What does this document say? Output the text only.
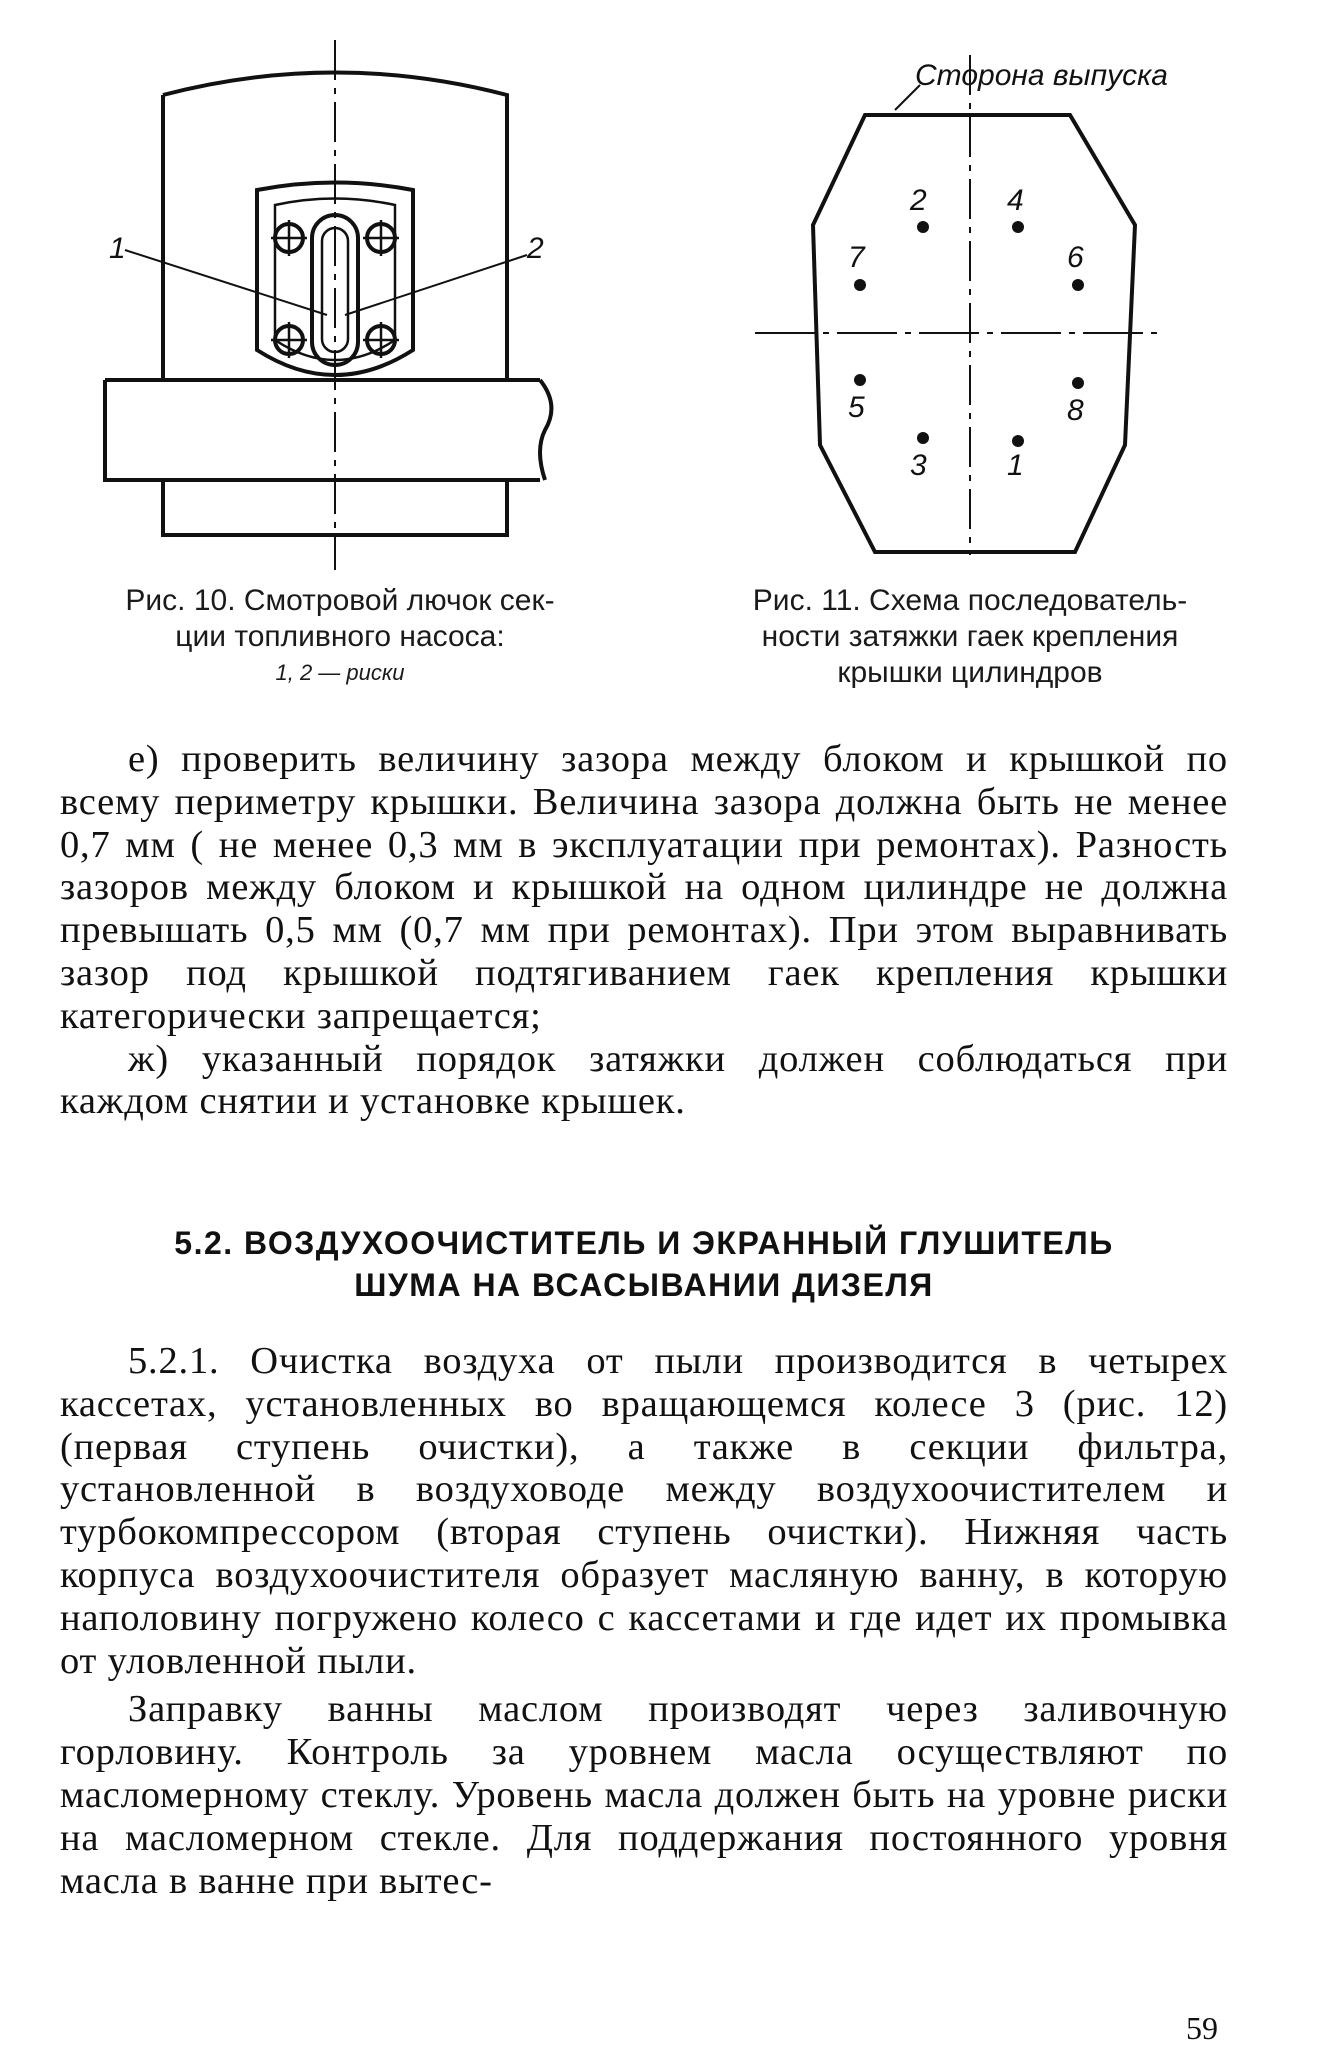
1	2
Рис. 10. Смотровой лючок сек-
ции топливного насоса:
1, 2 — риски
Сторона выпуска
2	4
7	6
5	8
3	1
Рис. 11. Схема последователь-
ности затяжки гаек крепления
крышки цилиндров

е) проверить величину зазора между блоком и крышкой по всему периметру крышки. Величина зазора должна быть не менее 0,7 мм ( не менее 0,3 мм в эксплуатации при ремонтах). Разность зазоров между блоком и крышкой на одном цилиндре не должна превышать 0,5 мм (0,7 мм при ремонтах). При этом выравнивать зазор под крышкой подтягиванием гаек крепления крышки категорически запрещается;

ж) указанный порядок затяжки должен соблюдаться при каждом снятии и установке крышек.

5.2. ВОЗДУХООЧИСТИТЕЛЬ И ЭКРАННЫЙ ГЛУШИТЕЛЬ
ШУМА НА ВСАСЫВАНИИ ДИЗЕЛЯ

5.2.1. Очистка воздуха от пыли производится в четырех кассетах, установленных во вращающемся колесе 3 (рис. 12) (первая ступень очистки), а также в секции фильтра, установленной в воздуховоде между воздухоочистителем и турбокомпрессором (вторая ступень очистки). Нижняя часть корпуса воздухоочистителя образует масляную ванну, в которую наполовину погружено колесо с кассетами и где идет их промывка от уловленной пыли.

Заправку ванны маслом производят через заливочную горловину. Контроль за уровнем масла осуществляют по масломерному стеклу. Уровень масла должен быть на уровне риски на масломерном стекле. Для поддержания постоянного уровня масла в ванне при вытес-

59
